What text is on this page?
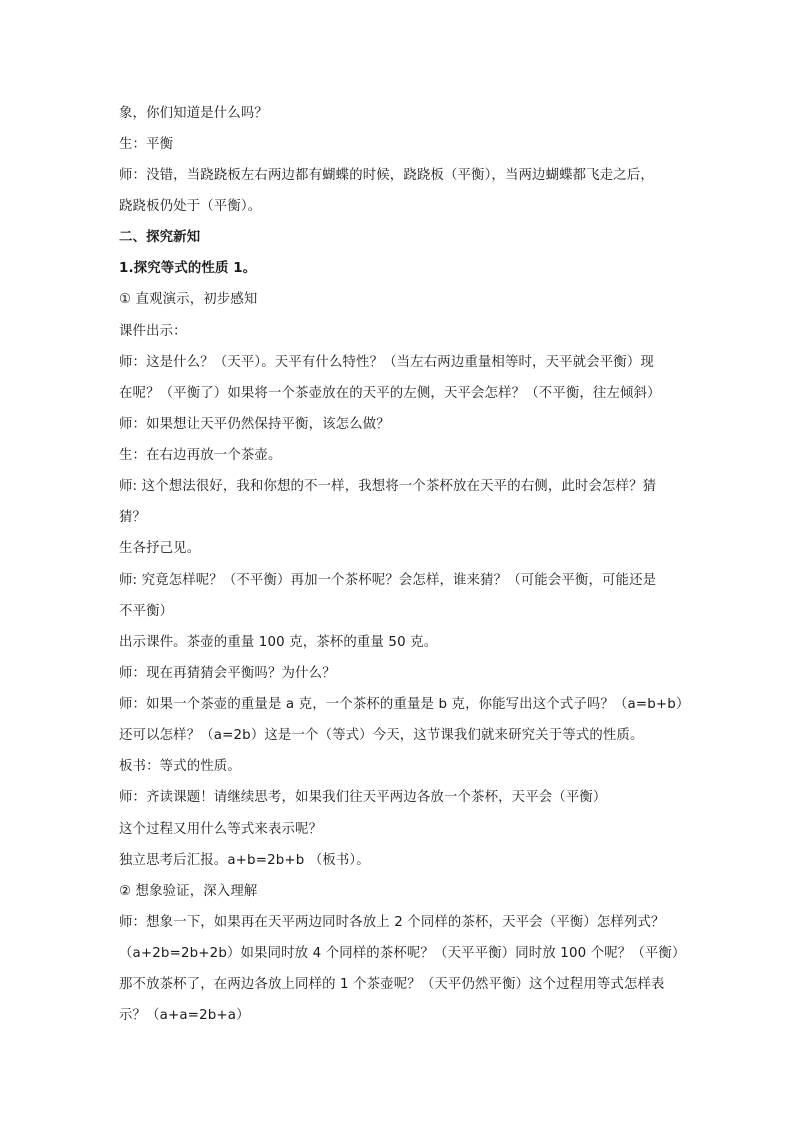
象，你们知道是什么吗？
生：平衡
师：没错，当跷跷板左右两边都有蝴蝶的时候，跷跷板（平衡），当两边蝴蝶都飞走之后，
跷跷板仍处于（平衡）。
二、探究新知
1.探究等式的性质 1。
① 直观演示，初步感知
课件出示：
师：这是什么？（天平）。天平有什么特性？（当左右两边重量相等时，天平就会平衡）现
在呢？（平衡了）如果将一个茶壶放在的天平的左侧，天平会怎样？（不平衡，往左倾斜）
师：如果想让天平仍然保持平衡，该怎么做？
生：在右边再放一个茶壶。
师: 这个想法很好，我和你想的不一样，我想将一个茶杯放在天平的右侧，此时会怎样？猜
猜？
生各抒己见。
师: 究竟怎样呢？（不平衡）再加一个茶杯呢？会怎样，谁来猜？（可能会平衡，可能还是
不平衡）
出示课件。茶壶的重量 100 克，茶杯的重量 50 克。
师：现在再猜猜会平衡吗？为什么？
师：如果一个茶壶的重量是 a 克，一个茶杯的重量是 b 克，你能写出这个式子吗？（a=b+b）
还可以怎样？（a=2b）这是一个（等式）今天，这节课我们就来研究关于等式的性质。
板书：等式的性质。
师：齐读课题！请继续思考，如果我们往天平两边各放一个茶杯，天平会（平衡）
这个过程又用什么等式来表示呢？
独立思考后汇报。a+b=2b+b （板书）。
② 想象验证，深入理解
师：想象一下，如果再在天平两边同时各放上 2 个同样的茶杯，天平会（平衡）怎样列式？
（a+2b=2b+2b）如果同时放 4 个同样的茶杯呢？（天平平衡）同时放 100 个呢？（平衡）
那不放茶杯了，在两边各放上同样的 1 个茶壶呢？（天平仍然平衡）这个过程用等式怎样表
示？（a+a=2b+a）
